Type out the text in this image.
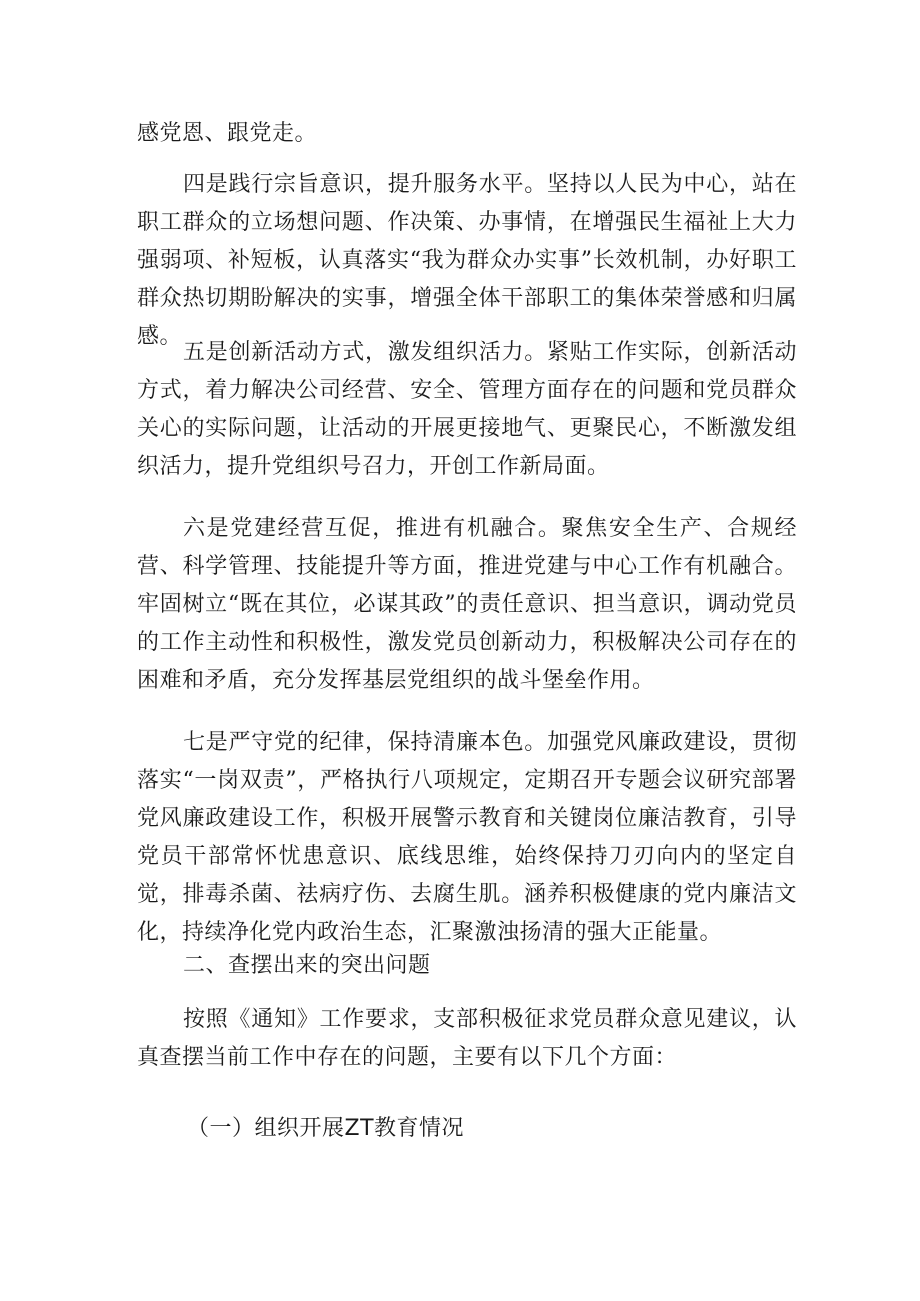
感党恩、跟党走。
四是践行宗旨意识，提升服务水平。坚持以人民为中心，站在职工群众的立场想问题、作决策、办事情，在增强民生福祉上大力强弱项、补短板，认真落实“我为群众办实事”长效机制，办好职工群众热切期盼解决的实事，增强全体干部职工的集体荣誉感和归属感。
五是创新活动方式，激发组织活力。紧贴工作实际，创新活动方式，着力解决公司经营、安全、管理方面存在的问题和党员群众关心的实际问题，让活动的开展更接地气、更聚民心，不断激发组织活力，提升党组织号召力，开创工作新局面。
六是党建经营互促，推进有机融合。聚焦安全生产、合规经营、科学管理、技能提升等方面，推进党建与中心工作有机融合。牢固树立“既在其位，必谋其政”的责任意识、担当意识，调动党员的工作主动性和积极性，激发党员创新动力，积极解决公司存在的困难和矛盾，充分发挥基层党组织的战斗堡垒作用。
七是严守党的纪律，保持清廉本色。加强党风廉政建设，贯彻落实“一岗双责”，严格执行八项规定，定期召开专题会议研究部署党风廉政建设工作，积极开展警示教育和关键岗位廉洁教育，引导党员干部常怀忧患意识、底线思维，始终保持刀刃向内的坚定自觉，排毒杀菌、祛病疗伤、去腐生肌。涵养积极健康的党内廉洁文化，持续净化党内政治生态，汇聚激浊扬清的强大正能量。
二、查摆出来的突出问题
按照《通知》工作要求，支部积极征求党员群众意见建议，认真查摆当前工作中存在的问题，主要有以下几个方面：
（一）组织开展ZT教育情况
